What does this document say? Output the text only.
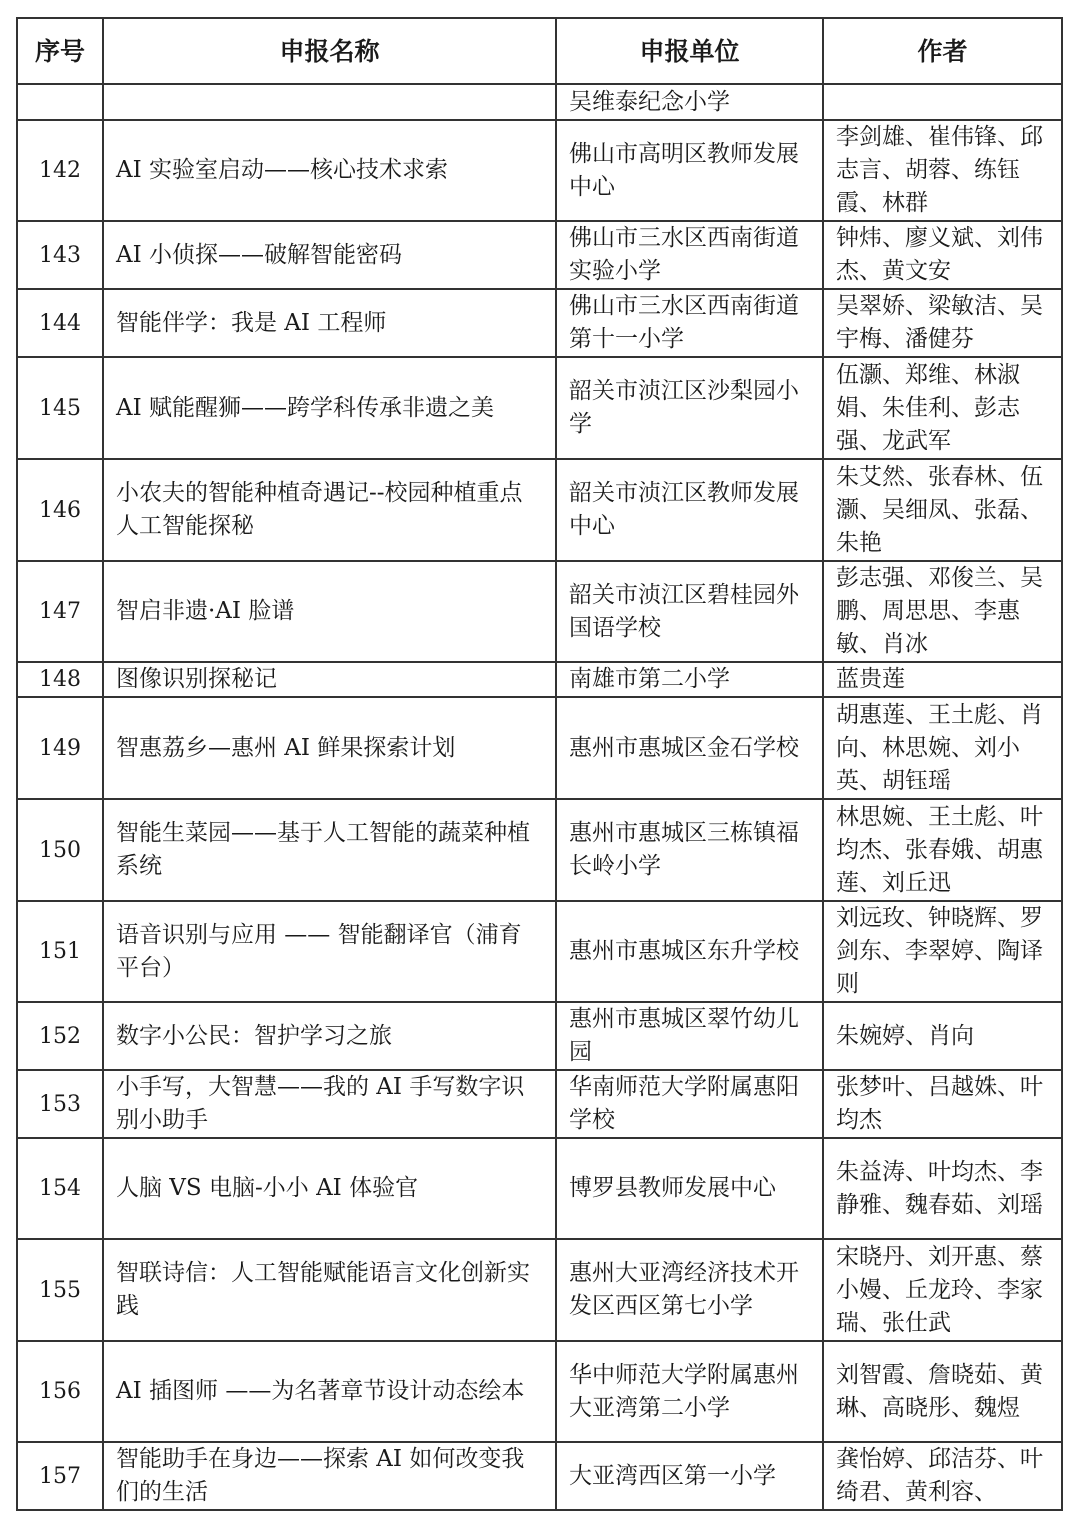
序号	申报名称	申报单位	作者
		吴维泰纪念小学	
142	AI 实验室启动——核心技术求索	佛山市高明区教师发展中心	李剑雄、崔伟锋、邱志言、胡蓉、练钰霞、林群
143	AI 小侦探——破解智能密码	佛山市三水区西南街道实验小学	钟炜、廖义斌、刘伟杰、黄文安
144	智能伴学：我是 AI 工程师	佛山市三水区西南街道第十一小学	吴翠娇、梁敏洁、吴宇梅、潘健芬
145	AI 赋能醒狮——跨学科传承非遗之美	韶关市浈江区沙梨园小学	伍灏、郑维、林淑娟、朱佳利、彭志强、龙武军
146	小农夫的智能种植奇遇记--校园种植重点人工智能探秘	韶关市浈江区教师发展中心	朱艾然、张春林、伍灏、吴细凤、张磊、朱艳
147	智启非遗·AI 脸谱	韶关市浈江区碧桂园外国语学校	彭志强、邓俊兰、吴鹏、周思思、李惠敏、肖冰
148	图像识别探秘记	南雄市第二小学	蓝贵莲
149	智惠荔乡—惠州 AI 鲜果探索计划	惠州市惠城区金石学校	胡惠莲、王土彪、肖向、林思婉、刘小英、胡钰瑶
150	智能生菜园——基于人工智能的蔬菜种植系统	惠州市惠城区三栋镇福长岭小学	林思婉、王土彪、叶均杰、张春娥、胡惠莲、刘丘迅
151	语音识别与应用 —— 智能翻译官（浦育平台）	惠州市惠城区东升学校	刘远玫、钟晓辉、罗剑东、李翠婷、陶译则
152	数字小公民：智护学习之旅	惠州市惠城区翠竹幼儿园	朱婉婷、肖向
153	小手写，大智慧——我的 AI 手写数字识别小助手	华南师范大学附属惠阳学校	张梦叶、吕越姝、叶均杰
154	人脑 VS 电脑-小小 AI 体验官	博罗县教师发展中心	朱益涛、叶均杰、李静雅、魏春茹、刘瑶
155	智联诗信：人工智能赋能语言文化创新实践	惠州大亚湾经济技术开发区西区第七小学	宋晓丹、刘开惠、蔡小嫚、丘龙玲、李家瑞、张仕武
156	AI 插图师 ——为名著章节设计动态绘本	华中师范大学附属惠州大亚湾第二小学	刘智霞、詹晓茹、黄琳、高晓彤、魏煜
157	智能助手在身边——探索 AI 如何改变我们的生活	大亚湾西区第一小学	龚怡婷、邱洁芬、叶绮君、黄利容、
